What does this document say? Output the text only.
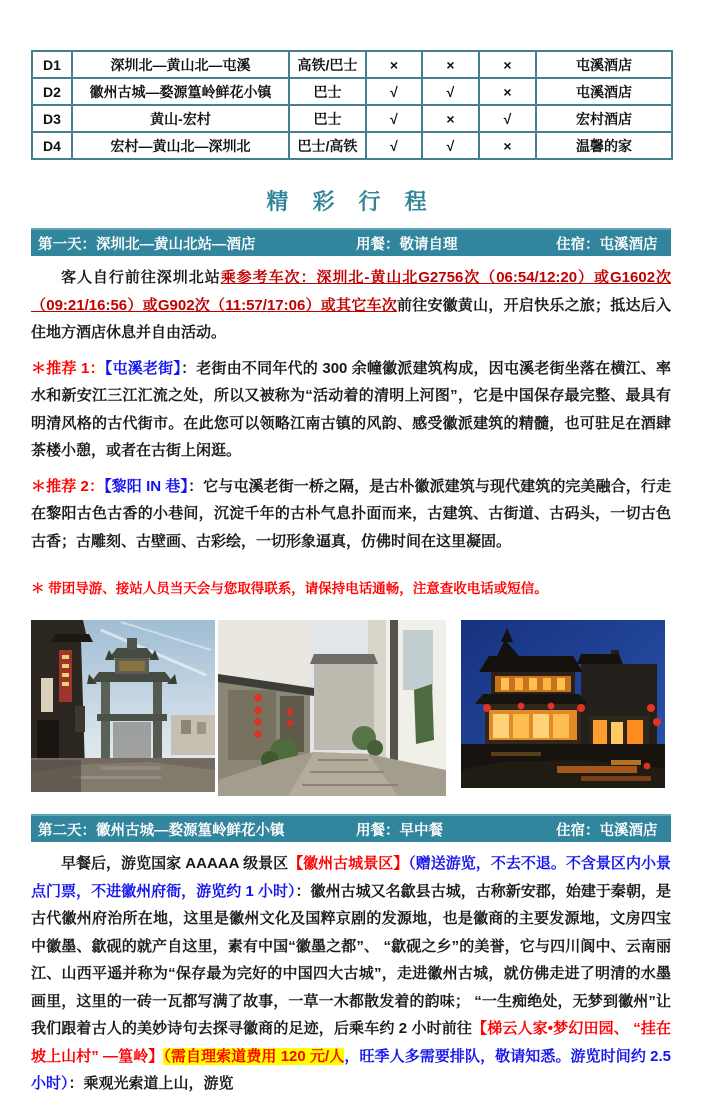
D1	深圳北—黄山北—屯溪	高铁/巴士	×	×	×	屯溪酒店
D2	徽州古城—婺源篁岭鲜花小镇	巴士	√	√	×	屯溪酒店
D3	黄山-宏村	巴士	√	×	√	宏村酒店
D4	宏村—黄山北—深圳北	巴士/高铁	√	√	×	温馨的家
精 彩 行 程
第一天：深圳北—黄山北站—酒店	用餐：敬请自理	住宿：屯溪酒店

客人自行前往深圳北站乘参考车次：深圳北-黄山北G2756次（06:54/12:20）或G1602次（09:21/16:56）或G902次（11:57/17:06）或其它车次前往安徽黄山，开启快乐之旅；抵达后入住地方酒店休息并自由活动。

＊推荐 1：【屯溪老街】：老街由不同年代的 300 余幢徽派建筑构成，因屯溪老街坐落在横江、率水和新安江三江汇流之处，所以又被称为“活动着的清明上河图”，它是中国保存最完整、最具有明清风格的古代街市。在此您可以领略江南古镇的风韵、感受徽派建筑的精髓，也可驻足在酒肆茶楼小憩，或者在古街上闲逛。

＊推荐 2：【黎阳 IN 巷】：它与屯溪老街一桥之隔，是古朴徽派建筑与现代建筑的完美融合，行走在黎阳古色古香的小巷间，沉淀千年的古朴气息扑面而来，古建筑、古街道、古码头，一切古色古香；古雕刻、古壁画、古彩绘，一切形象逼真，仿佛时间在这里凝固。

＊ 带团导游、接站人员当天会与您取得联系，请保持电话通畅，注意查收电话或短信。

第二天：徽州古城—婺源篁岭鲜花小镇	用餐：早中餐	住宿：屯溪酒店

早餐后，游览国家 AAAAA 级景区【徽州古城景区】（赠送游览，不去不退。不含景区内小景点门票，不进徽州府衙，游览约 1 小时）：徽州古城又名歙县古城，古称新安郡，始建于秦朝，是古代徽州府治所在地，这里是徽州文化及国粹京剧的发源地，也是徽商的主要发源地，文房四宝中徽墨、歙砚的就产自这里，素有中国“徽墨之都”、 “歙砚之乡”的美誉，它与四川阆中、云南丽江、山西平遥并称为“保存最为完好的中国四大古城”，走进徽州古城，就仿佛走进了明清的水墨画里，这里的一砖一瓦都写满了故事，一草一木都散发着的韵味； “一生痴绝处，无梦到徽州”让我们跟着古人的美妙诗句去探寻徽商的足迹，后乘车约 2 小时前往【梯云人家•梦幻田园、 “挂在坡上山村” —篁岭】（需自理索道费用 120 元/人，旺季人多需要排队，敬请知悉。游览时间约 2.5 小时）：乘观光索道上山，游览
